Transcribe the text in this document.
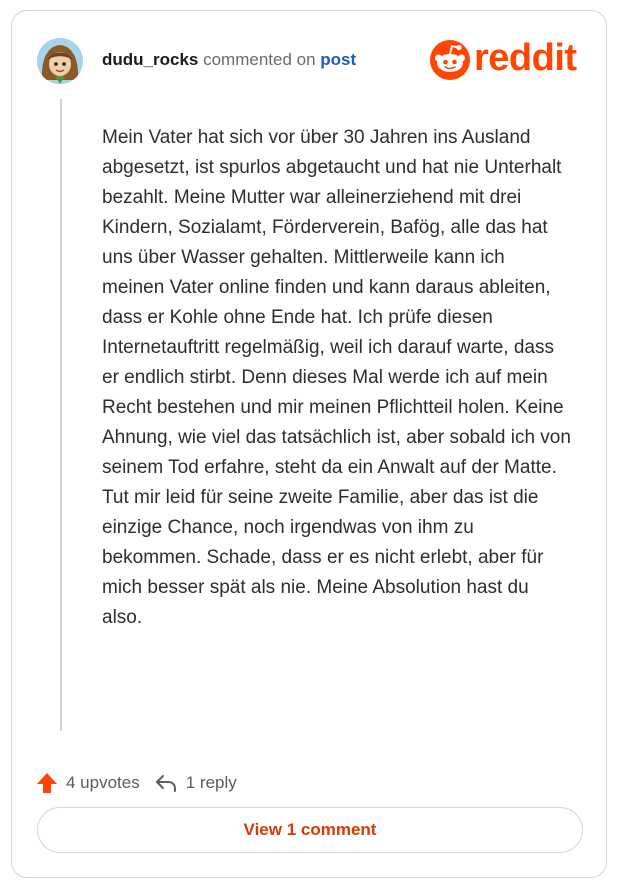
dudu_rocks commented on post	reddit

Mein Vater hat sich vor über 30 Jahren ins Ausland abgesetzt, ist spurlos abgetaucht und hat nie Unterhalt bezahlt. Meine Mutter war alleinerziehend mit drei Kindern, Sozialamt, Förderverein, Bafög, alle das hat uns über Wasser gehalten. Mittlerweile kann ich meinen Vater online finden und kann daraus ableiten, dass er Kohle ohne Ende hat. Ich prüfe diesen Internetauftritt regelmäßig, weil ich darauf warte, dass er endlich stirbt. Denn dieses Mal werde ich auf mein Recht bestehen und mir meinen Pflichtteil holen. Keine Ahnung, wie viel das tatsächlich ist, aber sobald ich von seinem Tod erfahre, steht da ein Anwalt auf der Matte. Tut mir leid für seine zweite Familie, aber das ist die einzige Chance, noch irgendwas von ihm zu bekommen. Schade, dass er es nicht erlebt, aber für mich besser spät als nie. Meine Absolution hast du also.

4 upvotes	1 reply
View 1 comment
